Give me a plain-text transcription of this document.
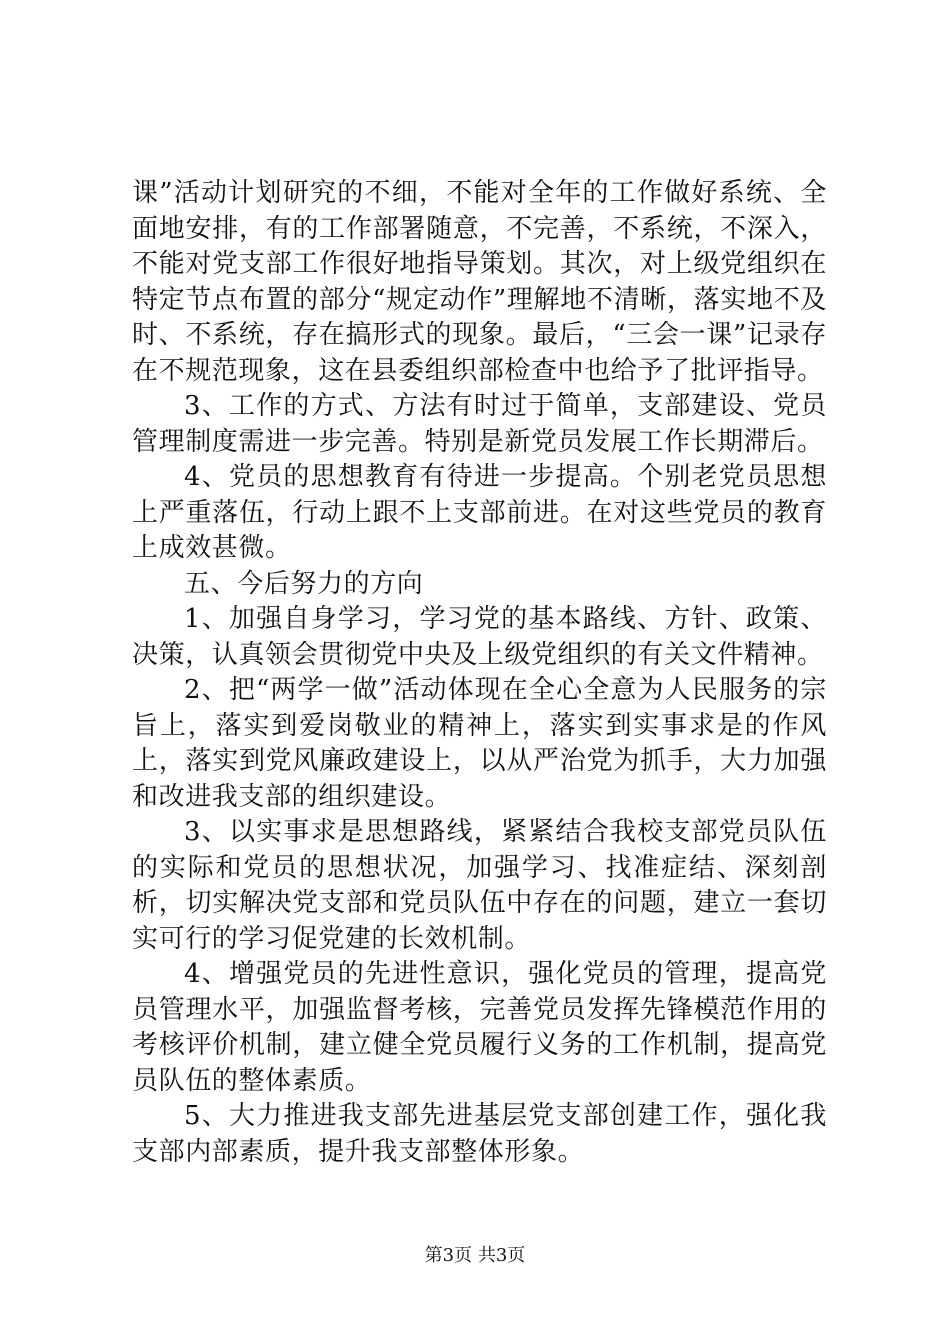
课”活动计划研究的不细，不能对全年的工作做好系统、全面地安排，有的工作部署随意，不完善，不系统，不深入，不能对党支部工作很好地指导策划。其次，对上级党组织在特定节点布置的部分“规定动作”理解地不清晰，落实地不及时、不系统，存在搞形式的现象。最后，“三会一课”记录存在不规范现象，这在县委组织部检查中也给予了批评指导。

3、工作的方式、方法有时过于简单，支部建设、党员管理制度需进一步完善。特别是新党员发展工作长期滞后。

4、党员的思想教育有待进一步提高。个别老党员思想上严重落伍，行动上跟不上支部前进。在对这些党员的教育上成效甚微。

五、今后努力的方向

1、加强自身学习，学习党的基本路线、方针、政策、决策，认真领会贯彻党中央及上级党组织的有关文件精神。

2、把“两学一做”活动体现在全心全意为人民服务的宗旨上，落实到爱岗敬业的精神上，落实到实事求是的作风上，落实到党风廉政建设上，以从严治党为抓手，大力加强和改进我支部的组织建设。

3、以实事求是思想路线，紧紧结合我校支部党员队伍的实际和党员的思想状况，加强学习、找准症结、深刻剖析，切实解决党支部和党员队伍中存在的问题，建立一套切实可行的学习促党建的长效机制。

4、增强党员的先进性意识，强化党员的管理，提高党员管理水平，加强监督考核，完善党员发挥先锋模范作用的考核评价机制，建立健全党员履行义务的工作机制，提高党员队伍的整体素质。

5、大力推进我支部先进基层党支部创建工作，强化我支部内部素质，提升我支部整体形象。

第3页 共3页
